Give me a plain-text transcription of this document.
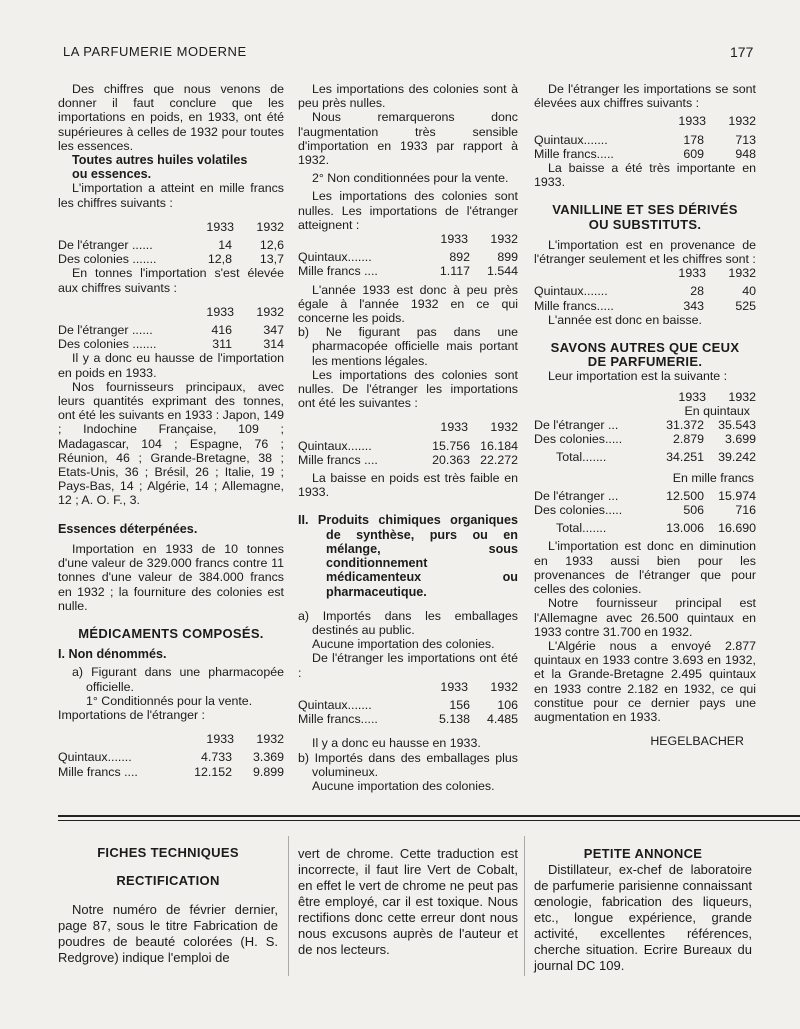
LA PARFUMERIE MODERNE	177

Des chiffres que nous venons de donner il faut conclure que les importations en poids, en 1933, ont été supérieures à celles de 1932 pour toutes les essences.

Toutes autres huiles volatiles

ou essences.

L'importation a atteint en mille francs les chiffres suivants :

1933	1932
De l'étranger ......	14	12,6
Des colonies .......	12,8	13,7

En tonnes l'importation s'est élevée aux chiffres suivants :

1933	1932
De l'étranger ......	416	347
Des colonies .......	311	314

Il y a donc eu hausse de l'importation en poids en 1933.

Nos fournisseurs principaux, avec leurs quantités exprimant des tonnes, ont été les suivants en 1933 : Japon, 149 ; Indochine Française, 109 ; Madagascar, 104 ; Espagne, 76 ; Réunion, 46 ; Grande-Bretagne, 38 ; Etats-Unis, 36 ; Brésil, 26 ; Italie, 19 ; Pays-Bas, 14 ; Algérie, 14 ; Allemagne, 12 ; A. O. F., 3.

Essences déterpénées.

Importation en 1933 de 10 tonnes d'une valeur de 329.000 francs contre 11 tonnes d'une valeur de 384.000 francs en 1932 ; la fourniture des colonies est nulle.

MÉDICAMENTS COMPOSÉS.

I. Non dénommés.

a) Figurant dans une pharmacopée officielle.

1° Conditionnés pour la vente.

Importations de l'étranger :

1933	1932
Quintaux.......	4.733	3.369
Mille francs ....	12.152	9.899

Les importations des colonies sont à peu près nulles.

Nous remarquerons donc l'augmentation très sensible d'importation en 1933 par rapport à 1932.

2° Non conditionnées pour la vente.

Les importations des colonies sont nulles. Les importations de l'étranger atteignent :

1933	1932
Quintaux.......	892	899
Mille francs ....	1.117	1.544

L'année 1933 est donc à peu près égale à l'année 1932 en ce qui concerne les poids.

b) Ne figurant pas dans une pharmacopée officielle mais portant les mentions légales.

Les importations des colonies sont nulles. De l'étranger les importations ont été les suivantes :

1933	1932
Quintaux.......	15.756 16.184
Mille francs ....	20.363 22.272

La baisse en poids est très faible en 1933.

II. Produits chimiques organiques de synthèse, purs ou en mélange, sous conditionnement médicamenteux ou pharmaceutique.

a) Importés dans les emballages destinés au public.

Aucune importation des colonies.

De l'étranger les importations ont été :

1933	1932
Quintaux.......	156	106
Mille francs.....	5.138	4.485

Il y a donc eu hausse en 1933.

b) Importés dans des emballages plus volumineux.

Aucune importation des colonies.

De l'étranger les importations se sont élevées aux chiffres suivants :

1933	1932
Quintaux.......	178	713
Mille francs.....	609	948

La baisse a été très importante en 1933.

VANILLINE ET SES DÉRIVÉS

OU SUBSTITUTS.

L'importation est en provenance de l'étranger seulement et les chiffres sont :

1933	1932
Quintaux.......	28	40
Mille francs.....	343	525

L'année est donc en baisse.

SAVONS AUTRES QUE CEUX

DE PARFUMERIE.

Leur importation est la suivante :

1933	1932
En quintaux
De l'étranger ...	31.372	35.543
Des colonies.....	2.879	3.699
Total.......	34.251	39.242
En mille francs
De l'étranger ...	12.500	15.974
Des colonies.....	506	716
Total.......	13.006	16.690

L'importation est donc en diminution en 1933 aussi bien pour les provenances de l'étranger que pour celles des colonies.

Notre fournisseur principal est l'Allemagne avec 26.500 quintaux en 1933 contre 31.700 en 1932.

L'Algérie nous a envoyé 2.877 quintaux en 1933 contre 3.693 en 1932, et la Grande-Bretagne 2.495 quintaux en 1933 contre 2.182 en 1932, ce qui constitue pour ce dernier pays une augmentation en 1933.

HEGELBACHER

FICHES TECHNIQUES

RECTIFICATION

Notre numéro de février dernier, page 87, sous le titre Fabrication de poudres de beauté colorées (H. S. Redgrove) indique l'emploi de

vert de chrome. Cette traduction est incorrecte, il faut lire Vert de Cobalt, en effet le vert de chrome ne peut pas être employé, car il est toxique. Nous rectifions donc cette erreur dont nous nous excusons auprès de l'auteur et de nos lecteurs.

PETITE ANNONCE

Distillateur, ex-chef de laboratoire de parfumerie parisienne connaissant œnologie, fabrication des liqueurs, etc., longue expérience, grande activité, excellentes références, cherche situation. Ecrire Bureaux du journal DC 109.
